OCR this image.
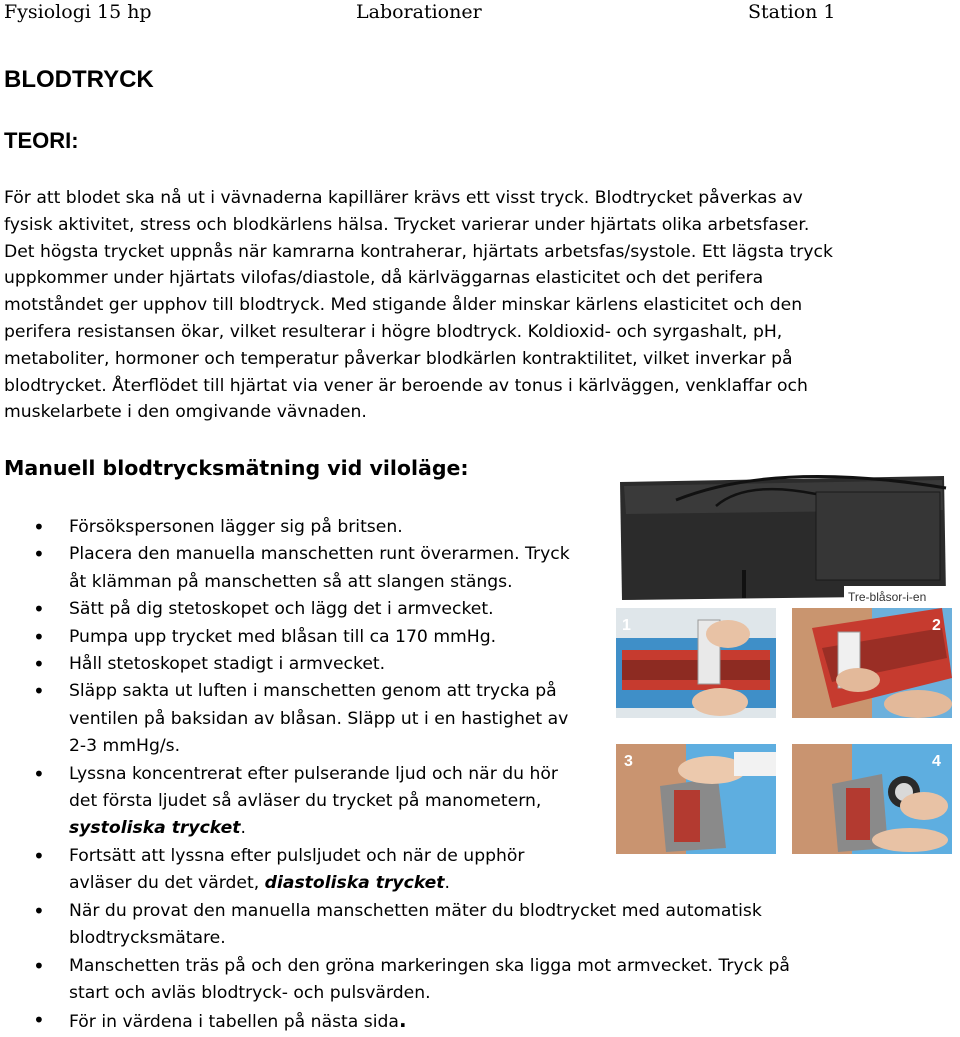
Fysiologi 15 hp	Laborationer	Station 1
BLODTRYCK
TEORI:

För att blodet ska nå ut i vävnaderna kapillärer krävs ett visst tryck. Blodtrycket påverkas av fysisk aktivitet, stress och blodkärlens hälsa. Trycket varierar under hjärtats olika arbetsfaser. Det högsta trycket uppnås när kamrarna kontraherar, hjärtats arbetsfas/systole. Ett lägsta tryck uppkommer under hjärtats vilofas/diastole, då kärlväggarnas elasticitet och det perifera motståndet ger upphov till blodtryck. Med stigande ålder minskar kärlens elasticitet och den perifera resistansen ökar, vilket resulterar i högre blodtryck. Koldioxid- och syrgashalt, pH, metaboliter, hormoner och temperatur påverkar blodkärlen kontraktilitet, vilket inverkar på blodtrycket. Återflödet till hjärtat via vener är beroende av tonus i kärlväggen, venklaffar och muskelarbete i den omgivande vävnaden.

Manuell blodtrycksmätning vid viloläge:
• Försökspersonen lägger sig på britsen.
• Placera den manuella manschetten runt överarmen. Tryck åt klämman på manschetten så att slangen stängs.
• Sätt på dig stetoskopet och lägg det i armvecket.
• Pumpa upp trycket med blåsan till ca 170 mmHg.
• Håll stetoskopet stadigt i armvecket.
• Släpp sakta ut luften i manschetten genom att trycka på ventilen på baksidan av blåsan. Släpp ut i en hastighet av 2-3 mmHg/s.
• Lyssna koncentrerat efter pulserande ljud och när du hör det första ljudet så avläser du trycket på manometern, systoliska trycket.
• Fortsätt att lyssna efter pulsljudet och när de upphör avläser du det värdet, diastoliska trycket.
• När du provat den manuella manschetten mäter du blodtrycket med automatisk blodtrycksmätare.
• Manschetten träs på och den gröna markeringen ska ligga mot armvecket. Tryck på start och avläs blodtryck- och pulsvärden.
• För in värdena i tabellen på nästa sida.
Tre-blåsor-i-en
1	2
3	4
